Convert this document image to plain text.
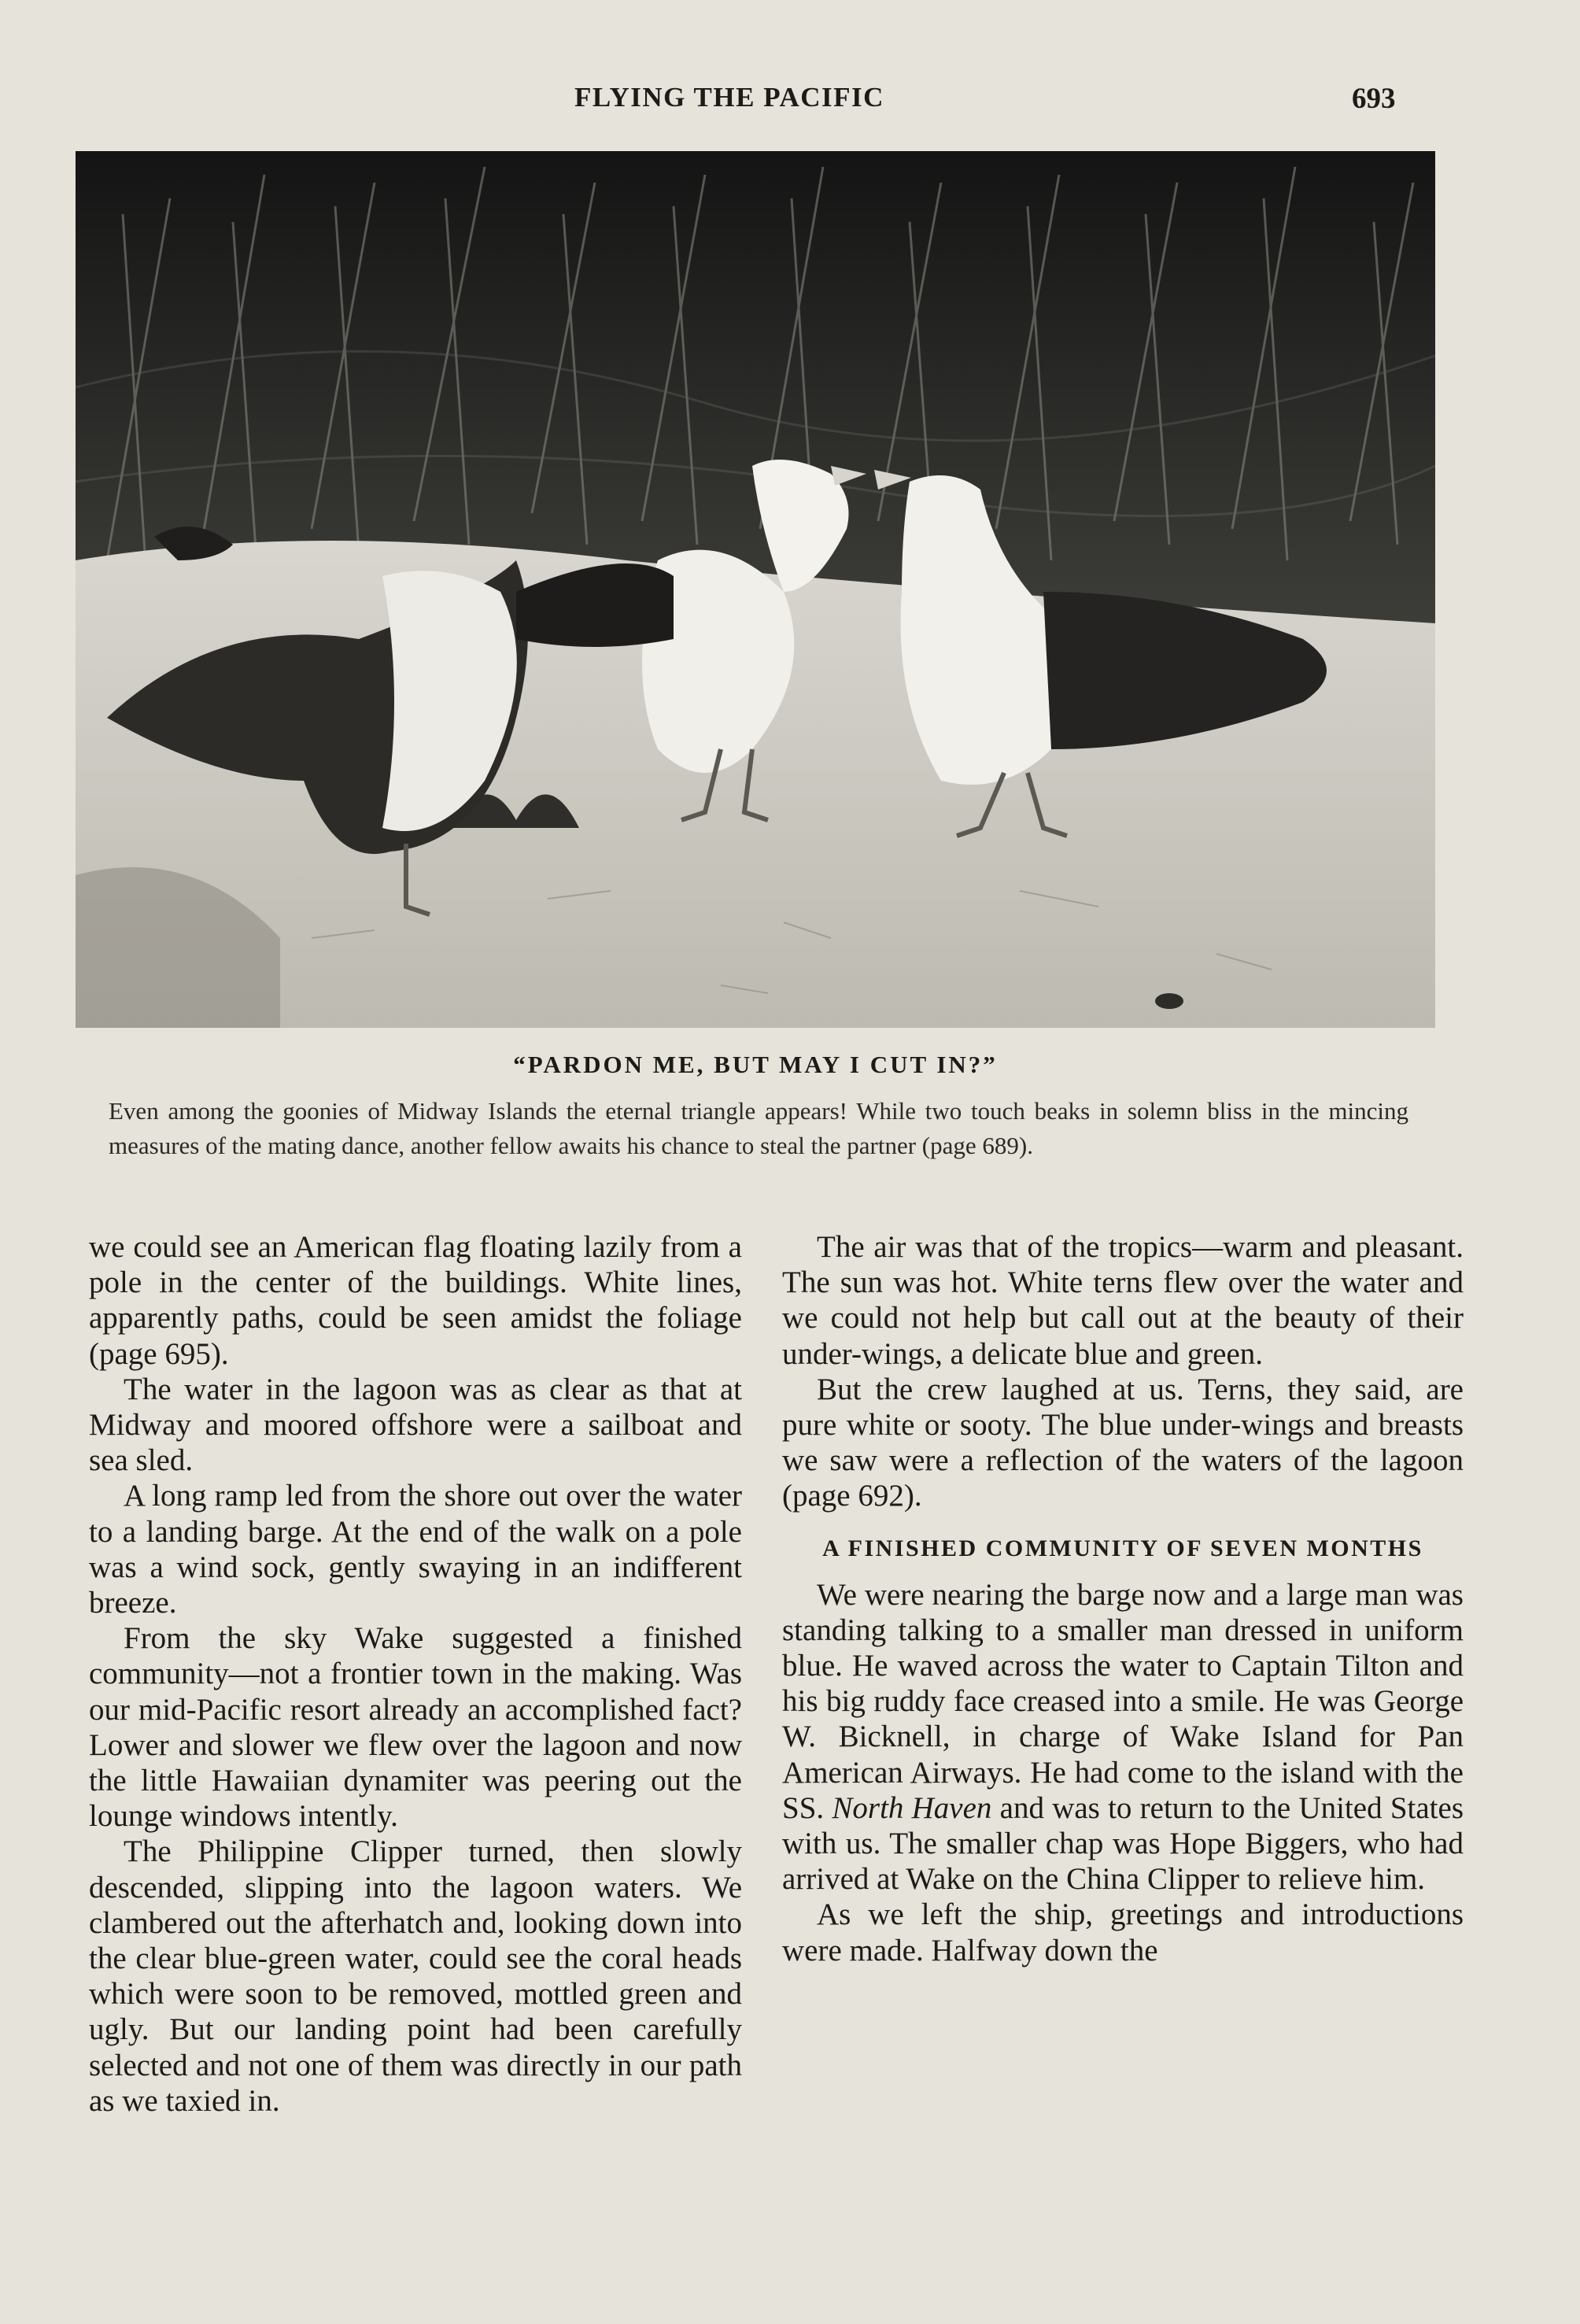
FLYING THE PACIFIC	693
“PARDON ME, BUT MAY I CUT IN?”
Even among the goonies of Midway Islands the eternal triangle appears! While two touch beaks in solemn bliss in the mincing measures of the mating dance, another fellow awaits his chance to steal the partner (page 689).

we could see an American flag floating lazily from a pole in the center of the buildings. White lines, apparently paths, could be seen amidst the foliage (page 695).

The water in the lagoon was as clear as that at Midway and moored offshore were a sailboat and sea sled.

A long ramp led from the shore out over the water to a landing barge. At the end of the walk on a pole was a wind sock, gently swaying in an indifferent breeze.

From the sky Wake suggested a finished community—not a frontier town in the making. Was our mid-Pacific resort already an accomplished fact? Lower and slower we flew over the lagoon and now the little Hawaiian dynamiter was peering out the lounge windows intently.

The Philippine Clipper turned, then slowly descended, slipping into the lagoon waters. We clambered out the afterhatch and, looking down into the clear blue-green water, could see the coral heads which were soon to be removed, mottled green and ugly. But our landing point had been carefully selected and not one of them was directly in our path as we taxied in.

The air was that of the tropics—warm and pleasant. The sun was hot. White terns flew over the water and we could not help but call out at the beauty of their under-wings, a delicate blue and green.

But the crew laughed at us. Terns, they said, are pure white or sooty. The blue under-wings and breasts we saw were a reflection of the waters of the lagoon (page 692).

A FINISHED COMMUNITY OF SEVEN MONTHS

We were nearing the barge now and a large man was standing talking to a smaller man dressed in uniform blue. He waved across the water to Captain Tilton and his big ruddy face creased into a smile. He was George W. Bicknell, in charge of Wake Island for Pan American Airways. He had come to the island with the SS. North Haven and was to return to the United States with us. The smaller chap was Hope Biggers, who had arrived at Wake on the China Clipper to relieve him.

As we left the ship, greetings and introductions were made. Halfway down the
